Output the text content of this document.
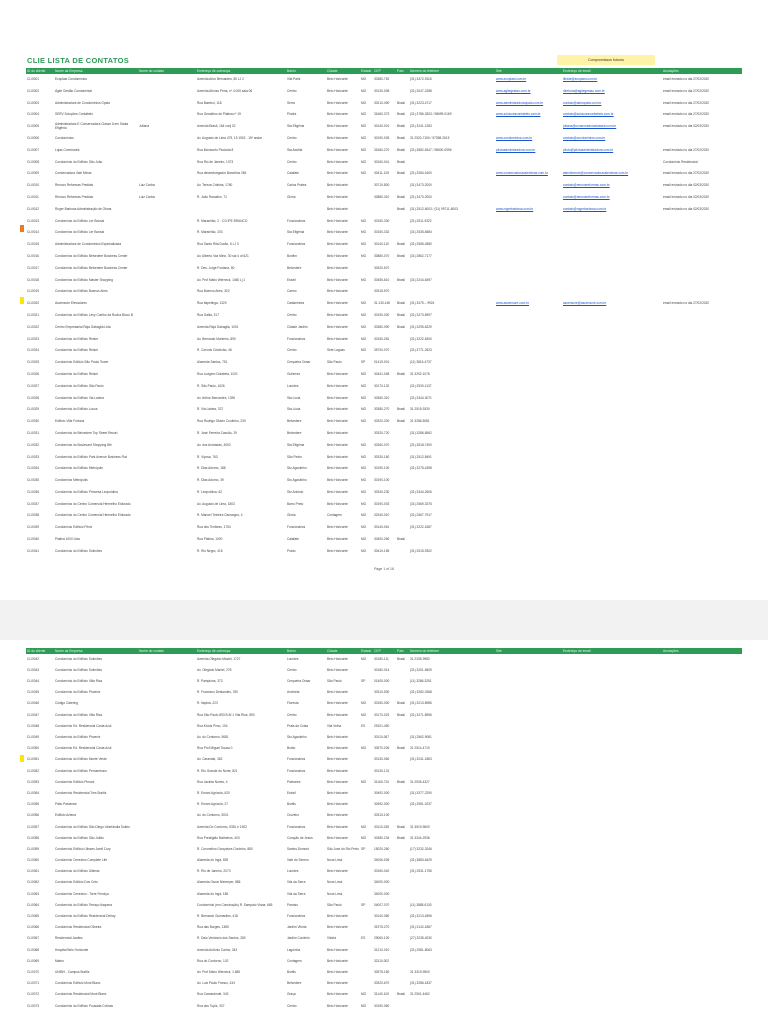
CLIE LISTA DE CONTATOS	Compromissos futuros
ID do cliente	Nome da Empresa	Nome do contato	Endereço de cobrança	Bairro	Cidade	Estado	CEP	País	Número do telefone	Site	Endereço de email	Anotações
CLI0001	Ecoplast Condomínios		Avenida Artur Bernardes, 80 LJ 2	Vila Paris	Belo Horizonte	MG	30380-752		(31) 3472-9118	www.ecoplast.com.br	ilbdde@ecoplast.com.br	email enviado no dia 27/02/2020
CLI0002	Ágile Gestão Condominial		Avenida Afonso Pena, nº 4.000 sala 06	Centro	Belo Horizonte	MG	30130-008		(31) 3047-2288	www.agilegestao.com.br	diretoria@agilegestao.com.br	email enviado no dia 27/02/2020
CLI0003	Administradora de Condomínios Opala		Rua Bambuí, 118	Serra	Belo Horizonte	MG	30210-490	Brasil	(31) 3223-4717	www.administradoraopala.com.br	contato@admopala.com.br	email enviado no dia 27/02/2020
CLI0004	SERV Soluções Contábeis		Rua Geraldino de Platina nº 19	Pindra	Belo Horizonte	MG	31660-373	Brasil	(31) 3786-3303 / 98699-0169	www.solucoescontabeis.com.br	contato@solucoescontabeis.com.br	email enviado no dia 27/02/2020
CLI0005	Administradora E Conservadora Classe A em Santa Efigênia	Juliana	Avenida Brasil, 164 conj 02	Sta Efigênia	Belo Horizonte	MG	30140-001	Brasil	(31) 3241-1283		juliana@conservadoraclassea.com.br	email enviado no dia 02/03/2020
CLI0006	Condomínios		Av. Augusto de Lima 479, 15 1502 - 15º andar	Centro	Belo Horizonte	MG	30190-005	Brasil	31 2520-7150 / 97358-2615	www.condominios.com.br	contato@condominios.com.br	
CLI0007	Lojas Comerciais		Rua Monsueto Piccioda 8	Sta Amélia	Belo Horizonte	MG	31560-270	Brasil	(31) 3582-6347 / 98600-0996	pilotoadministradora.com.br	piloto@pilotoadministradora.com.br	email enviado no dia 27/02/2020
CLI0008	Condomínio do Edifício São João		Rua Rio de Janeiro, 1073	Centro	Belo Horizonte	MG	30160-041	Brasil				Condomínio Residencial
CLI0009	Conservadora Vale Minas		Rua desembargador Barcellos 284	Calafate	Belo Horizonte	MG	30411-125	Brasil	(31) 3284-1600	www.conservadoravaleminas.com.br	atendimento@conservadoravaleminas.com.br	email enviado no dia 27/02/2020
CLI0010	Renovo Reformas Prediais	Luiz Carlos	Av. Tereza Cristina, 1760	Carlos Prates	Belo Horizonte		30710-800		(31) 3473-2000		contato@renovareformas.com.br	email enviado no dia 02/03/2020
CLI0011	Renovo Reformas Prediais	Luiz Carlos	R. João Ramalho, 71	Glória	Belo Horizonte		30880-310	Brasil	(31) 3473-2000		contato@renovareformas.com.br	email enviado no dia 02/03/2020
CLI0012	Roger Barbosa Administração de Obras				Belo Horizonte			Brasil	(31) 2512-6003 / (31) 99711-6003	www.rogerbarbosa.com.br	contato@rogerbarbosa.com.br	email enviado no dia 02/03/2020
CLI0013	Condomínio do Edifício Ler Bonsai		R. Maranhão, 2 - C/3 IPE BRANCO	Funcionários	Belo Horizonte	MG	30150-330		(31) 2511-9322			
CLI0014	Condomínio do Edifício Ler Bonsai		R. Maranhão, 203	Sta Efigênia	Belo Horizonte	MG	30150-332		(31) 2535-6584			
CLI0015	Administradora de Condomínios Especializada		Rua Santo Rita Durão, 6 LJ 3	Funcionários	Belo Horizonte	MG	30140-110	Brasil	(31) 2555-4580			
CLI0016	Condomínio do Edifício Belvedere Business Center		Av. Alberto Vaz Melo, 30 sal 4 of 621	Bonfim	Belo Horizonte	MG	30880-070	Brasil	(31) 2862-7177			
CLI0017	Condomínio do Edifício Belvedere Business Center		R. Des. Jorge Fontana, 50	Belvedere	Belo Horizonte		30320-670					
CLI0018	Condomínio do Edifício Master Shopping		Av. Prof Mário Werneck, 1460 Lj 1	Estoril	Belo Horizonte	MG	30455-610	Brasil	(31) 3244-6497			
CLI0019	Condomínio do Edifício Buenos Aires		Rua Buenos Aires, 302	Carmo	Belo Horizonte		30315-570					
CLI0020	Ascensore Elevadores		Rua Itapetinga, 1320	Castanheira	Belo Horizonte	MG	31.130-160	Brasil	(31) 3475 – 9924	www.ascensore.com.br	ascensore@ascensore.com.br	email enviado no dia 27/02/2020
CLI0021	Condomínio do Edifício Levy Coelho da Rocha Bloco B		Rua Gallia, 317	Centro	Belo Horizonte	MG	30190-030	Brasil	(31) 3273-6997			
CLI0022	Centro Empresarial Rajá Gabaglia Ltda		Avenida Rajá Gabaglia, 1001	Cidade Jardim	Belo Horizonte	MG	30380-090	Brasil	(31) 3295-6229			
CLI0023	Condomínio do Edifício Reiser		Av. Bernardo Monteiro, 890	Funcionários	Belo Horizonte	MG	30150-281		(31) 3222-6300			
CLI0024	Condomínio do Edifício Reiser		R. Coronis Cristóvão, 46	Centro	Sete Lagoas	MG	35700-070		(31) 3771-2523			
CLI0025	Condomínio Edifício São Paulo Tower		Alameda Santos, 751	Cerqueira César	São Paulo	SP	01419-001		(11) 3816-4737			
CLI0026	Condomínio do Edifício Reiser		Rua Ludgero Dolabela, 1021	Gutierrez	Belo Horizonte	MG	30441-048	Brasil	31 3292-1076			
CLI0027	Condomínio do Edifício São Paulo		R. São Paulo, 1626	Lourdes	Belo Horizonte	MG	30170-132		(31) 2530-1137			
CLI0028	Condomínio do Edifício Via Láctea		Av. Arthur Bernardes, 1390	Sta Lúcia	Belo Horizonte	MG	30360-310		(31) 3344-3071			
CLI0029	Condomínio do Edifício Lucca		R. Via Láctea, 372	Sta Lúcia	Belo Horizonte	MG	30380-270	Brasil	31 2515-9330			
CLI0030	Edifício Villa Fortuna		Rua Rodrigo Otávio Coutinho, 230	Belvedere	Belo Horizonte	MG	30320-200	Brasil	31 3286-5081			
CLI0031	Condomínio do Belvedere Top Street Resort		R. José Ferreira Cascão, 29	Belvedere	Belo Horizonte		30320-720		(31) 3286-6562			
CLI0032	Condomínio do Boulevard Shopping 8th		Av. dos Andradas, 3000	Sta Efigênia	Belo Horizonte	MG	30260-070		(31) 3518-7400			
CLI0033	Condomínio do Edifício Park Avenue Business Flat		R. Viçosa, 763	São Pedro	Belo Horizonte	MG	30330-160		(31) 2512-8491			
CLI0034	Condomínio do Edifício Metrópole		R. Dias Adorno, 188	Sto Agostinho	Belo Horizonte	MG	30190-100		(31) 3275-4398			
CLI0035	Condomínio Metrópolis		R. Dias Adorno, 39	Sto Agostinho	Belo Horizonte	MG	30190-100					
CLI0036	Condomínio do Edifício Princesa Leopoldina		R. Leopoldina, 62	Sto Antônio	Belo Horizonte	MG	30330-230		(31) 3344-2606			
CLI0037	Condomínio do Centro Comercial Hermelho Eldorado		Av. Augusto de Lima, 1803	Barro Preto	Belo Horizonte	MG	30190-003		(31) 2569-3376			
CLI0038	Condomínio do Centro Comercial Hermelho Eldorado		R. Manoel Teixeira Camargos, 4	Glória	Contagem	MG	32340-010		(31) 2567-7917			
CLI0039	Condomínio Edifício Fênix		Rua dos Timbiras, 1754	Funcionários	Belo Horizonte	MG	30140-061		(31) 3222-1687			
CLI0040	Platina 1000 Ltda		Rua Platina, 1000	Calafate	Belo Horizonte	MG	30400-260	Brasil				
CLI0041	Condomínio do Edifício Solimões		R. Rio Negro, 415	Prado	Belo Horizonte	MG	30410-155		(31) 2515-9302			
Page 1 of 16
ID do cliente	Nome da Empresa	Nome do contato	Endereço de cobrança	Bairro	Cidade	Estado	CEP	País	Número do telefone	Site	Endereço de email	Anotações
CLI0042	Condomínio do Edifício Solimões		Avenida Olegário Maciel, 1727	Lourdes	Belo Horizonte	MG	30180-111	Brasil	31 2335-9983			
CLI0043	Condomínio do Edifício Solimões		Av. Olegário Maciel, 278	Centro	Belo Horizonte		30180-014		(31) 3201-6509			
CLI0044	Condomínio do Edifício Villa Rica		R. Pamplona, 373	Cerqueira César	São Paulo	SP	01405-000		(11) 3286-3251			
CLI0045	Condomínio do Edifício Phoenix		R. Francisco Deslandes, 780	Anchieta	Belo Horizonte		30310-530		(31) 3282-0368			
CLI0046	Código Catering		R. Itapiúá, 223	Floresta	Belo Horizonte	MG	30150-300	Brasil	(31) 3213-8986			
CLI0047	Condomínio do Edifício Villa Rica		Rua São Paulo 893 B Af 1 Vila Rica, 893	Centro	Belo Horizonte	MG	30170-023	Brasil	(31) 3271-8956			
CLI0048	Condomínio Ed. Residencial Costa Azul		Rua Klovis Pimo, 104	Praia da Costa	Vila Velha	ES	29101-450					
CLI0049	Condomínio do Edifício Phoenix		Av. do Contorno, 9681	Sto Agostinho	Belo Horizonte		30110-067		(31) 2562-9081			
CLI0050	Condomínio Ed. Residencial Costa Azul		Rua Prof Miguel Sousa 0	Burito	Belo Horizonte	MG	30570-206	Brasil	31 2514-4710			
CLI0051	Condomínio do Edifício Monte Verde		Av. Carandaí, 362	Funcionários	Belo Horizonte		30130-060		(31) 3241-1863			
CLI0052	Condomínio do Edifício Pernambuco		R. Rio Grande do Norte, 821	Funcionários	Belo Horizonte		30130-131					
CLI0053	Condomínio Edifício Pimont		Rua Jacinta Nunes, 4	Palmares	Belo Horizonte	MG	31160-710	Brasil	31 2535-4327			
CLI0054	Condomínio Residencial Tres Buritis		R. Ernani Agrícola, 620	Estoril	Belo Horizonte		30492-000		(31) 3377-2290			
CLI0055	Pátio Paraense		R. Ernani Agrícola, 27	Buritis	Belo Horizonte		30492-000		(31) 2951-0237			
CLI0056	Edifício Azteca		Av. do Contorno, 5001	Cruzeiro	Belo Horizonte		30310-100					
CLI0057	Condomínio do Edifício São Diego Uberlândia Suites		Avenida Do Contorno, 5351 e 1902	Funcionários	Belo Horizonte	MG	30110-035	Brasil	31 3519-9600			
CLI0058	Condomínio do Edifício São Julião		Rua Prestigião Malheiros, 403	Coração de Jesus	Belo Horizonte	MG	30380-234	Brasil	31 3344-2936			
CLI0059	Condomínio Edifício Ulisses Jamil Cury		R. Coronelino Gonçalves Cordeiro, 880	Santos Dumont	São José do Rio Preto	SP	15020-260		(17) 3232-3246			
CLI0060	Condomínio Cenesino Complete Life		Alameda do Ingá, 839	Vale do Sereno	Nova Lima		34006-005		(31) 3883-6429			
CLI0061	Condomínio do Edifício Ultimas		R. Rio de Janeiro, 2073	Lourdes	Belo Horizonte		30160-042		(31) 2531-1756			
CLI0062	Condomínio Edifício Dos Cetu		Alameda Oscar Niemeyer, 886	Vila da Serra	Nova Lima		34000-000					
CLI0063	Condomínio Cenesino - Torre Fenciya		Alameda do Ingá, 186	Vila da Serra	Nova Lima		34000-000					
CLI0064	Condomínio do Edifício Terraço Itaquera		Condomínio (em Construção) R. Sampaio Viana, 665	Paraíso	São Paulo	SP	04007-070		(11) 3885-6130			
CLI0065	Condomínio do Edifício Residencial Delray		R. Bernardo Guimarães, 418	Funcionários	Belo Horizonte		30140-080		(31) 3213-4596			
CLI0066	Condomínio Residencial Oliveira		Rua das Burges, 1385	Jardim Vitória	Belo Horizonte		31975-270		(31) 3142-1867			
CLI0067	Residencial Jardins		R. Dalo Venâncio dos Santos, 283	Jardim Cordeiró	Vitória	ES	29060-100		(27) 3235-4030			
CLI0068	Hospital Belo Horizonte		Avenida Antônio Carlos, 343	Lagoinha	Belo Horizonte		31210-010		(31) 2981-8063			
CLI0069	Mateo		Rua do Contorno, 102	Contagem	Belo Horizonte		32110-002					
CLI0070	UNIBH - Campus Buritis		Av. Prof Mário Werneck, 1 685	Buritis	Belo Horizonte		30575-180		31 3319-9500			
CLI0071	Condomínio Edifício Mont Blanc		Av. Luiz Paulo Franco, 434	Belvedere	Belo Horizonte		30320-670		(31) 3286-1837			
CLI0072	Condomínio Residencial Mont Blanc		Rua Camaraíndé, 343	Graça	Belo Horizonte	MG	31140-100	Brasil	31 2501-4462			
CLI0073	Condomínio do Edifício Pousada Colinas		Rua dos Tupis, 337	Centro	Belo Horizonte	MG	30190-060					
